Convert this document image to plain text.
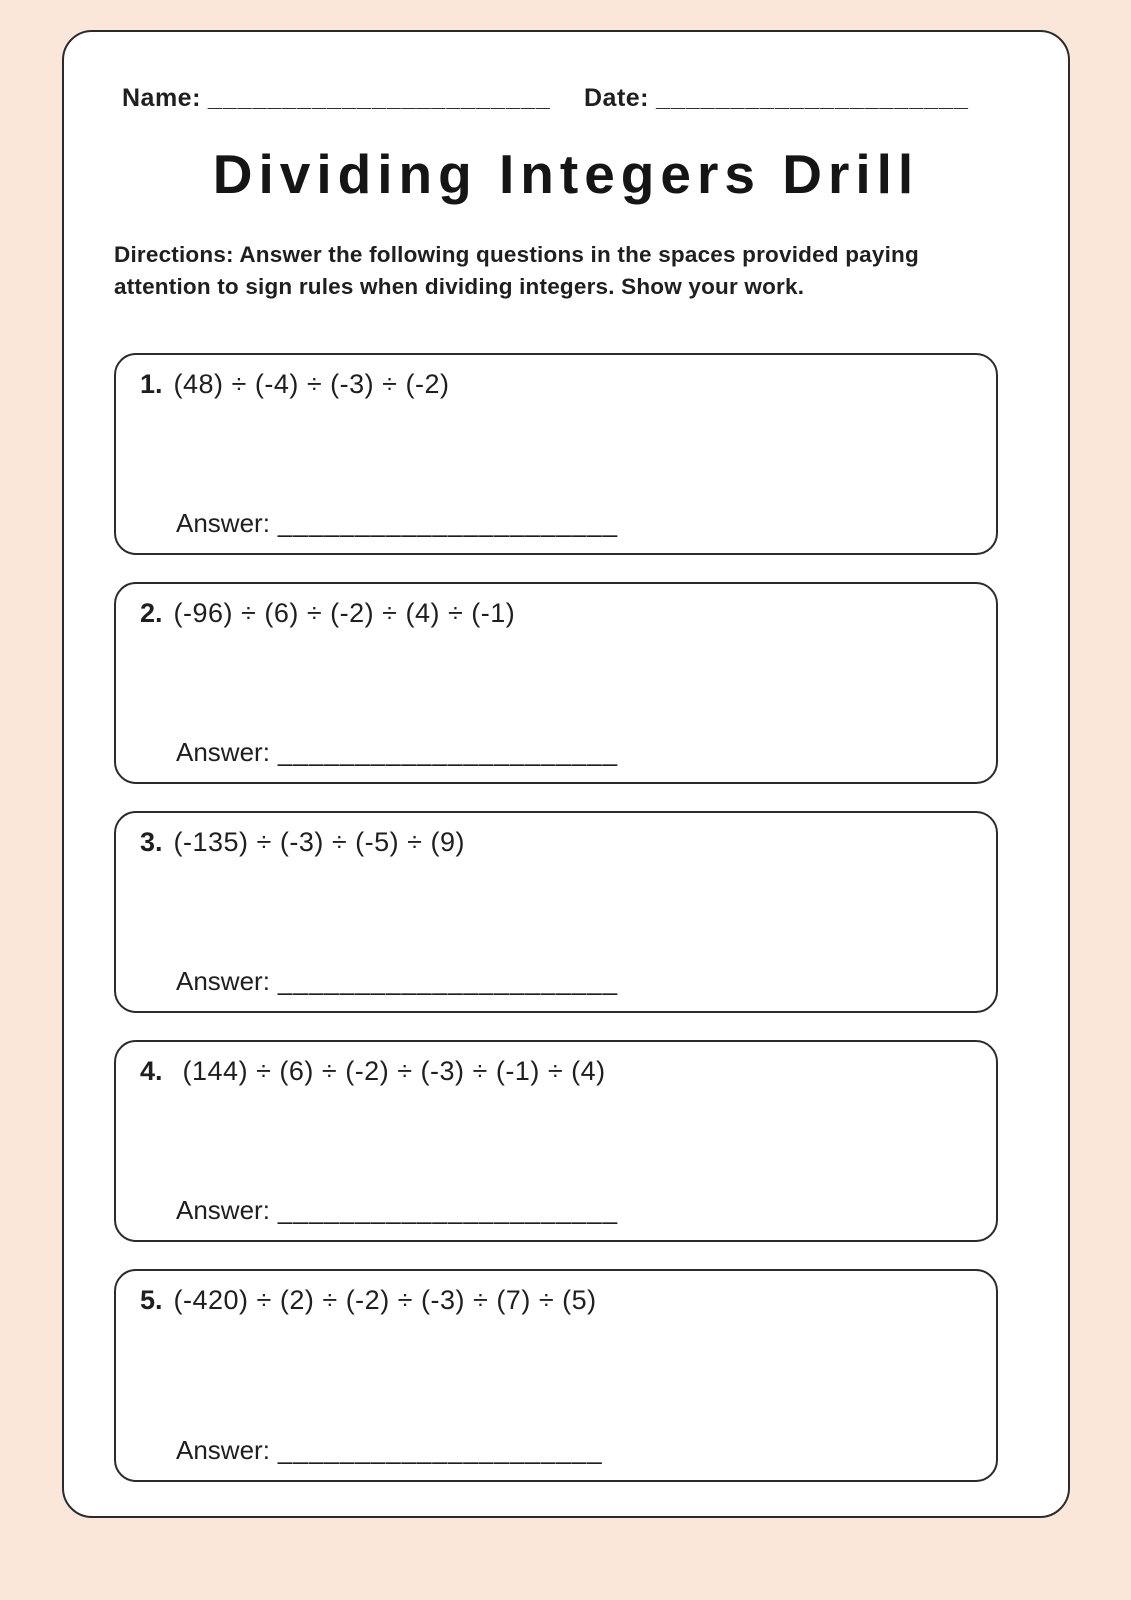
Name: _______________________ Date: _____________________
Dividing Integers Drill
Directions: Answer the following questions in the spaces provided paying attention to sign rules when dividing integers. Show your work.
1. (48) ÷ (-4) ÷ (-3) ÷ (-2)
Answer: ______________________
2. (-96) ÷ (6) ÷ (-2) ÷ (4) ÷ (-1)
Answer: ______________________
3. (-135) ÷ (-3) ÷ (-5) ÷ (9)
Answer: ______________________
4. (144) ÷ (6) ÷ (-2) ÷ (-3) ÷ (-1) ÷ (4)
Answer: ______________________
5. (-420) ÷ (2) ÷ (-2) ÷ (-3) ÷ (7) ÷ (5)
Answer: _____________________
